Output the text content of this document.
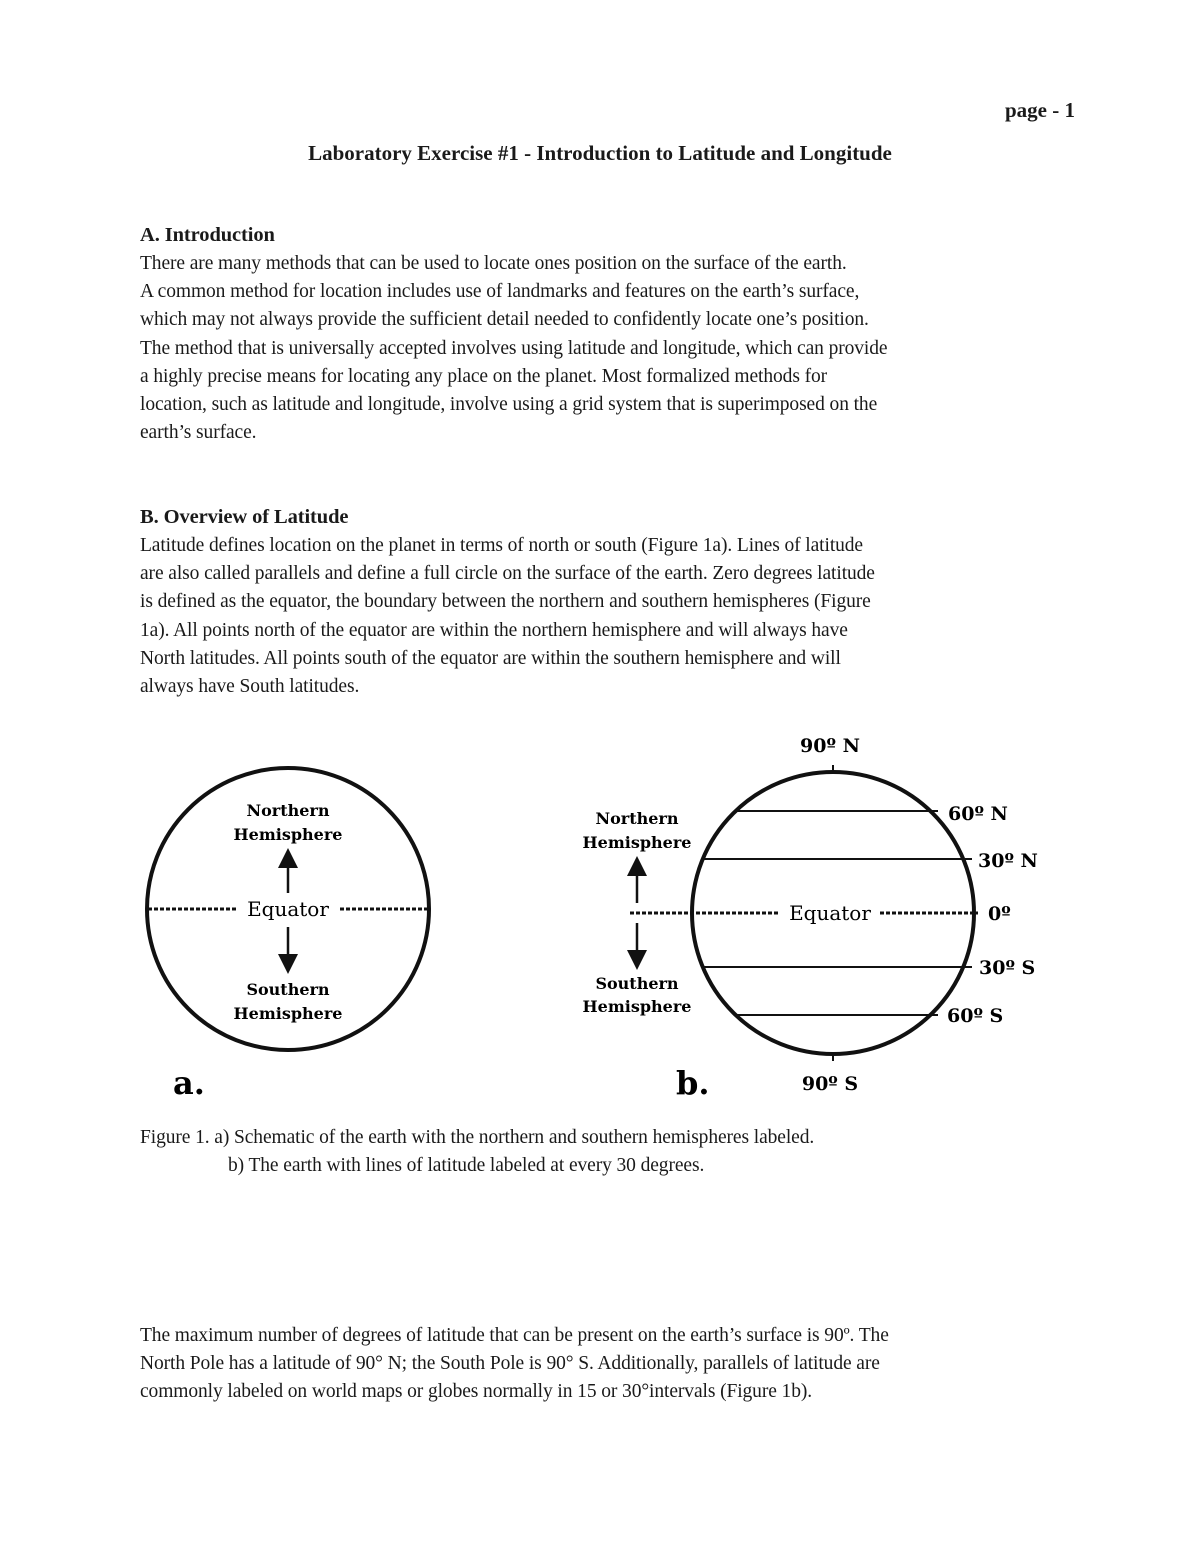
page - 1
Laboratory Exercise #1 - Introduction to Latitude and Longitude
A. Introduction
There are many methods that can be used to locate ones position on the surface of the earth.
A common method for location includes use of landmarks and features on the earth’s surface,
which may not always provide the sufficient detail needed to confidently locate one’s position.
The method that is universally accepted involves using latitude and longitude, which can provide
a highly precise means for locating any place on the planet. Most formalized methods for
location, such as latitude and longitude, involve using a grid system that is superimposed on the
earth’s surface.
B. Overview of Latitude
Latitude defines location on the planet in terms of north or south (Figure 1a). Lines of latitude
are also called parallels and define a full circle on the surface of the earth. Zero degrees latitude
is defined as the equator, the boundary between the northern and southern hemispheres (Figure
1a). All points north of the equator are within the northern hemisphere and will always have
North latitudes. All points south of the equator are within the southern hemisphere and will
always have South latitudes.
Equator
Northern
Hemisphere
Southern
Hemisphere
a.
Equator
90º N
60º N
30º N
0º
30º S
60º S
90º S
Northern
Hemisphere
Southern
Hemisphere
b.
Figure 1. a) Schematic of the earth with the northern and southern hemispheres labeled.
b) The earth with lines of latitude labeled at every 30 degrees.
The maximum number of degrees of latitude that can be present on the earth’s surface is 90º. The
North Pole has a latitude of 90° N; the South Pole is 90° S. Additionally, parallels of latitude are
commonly labeled on world maps or globes normally in 15 or 30°intervals (Figure 1b).
